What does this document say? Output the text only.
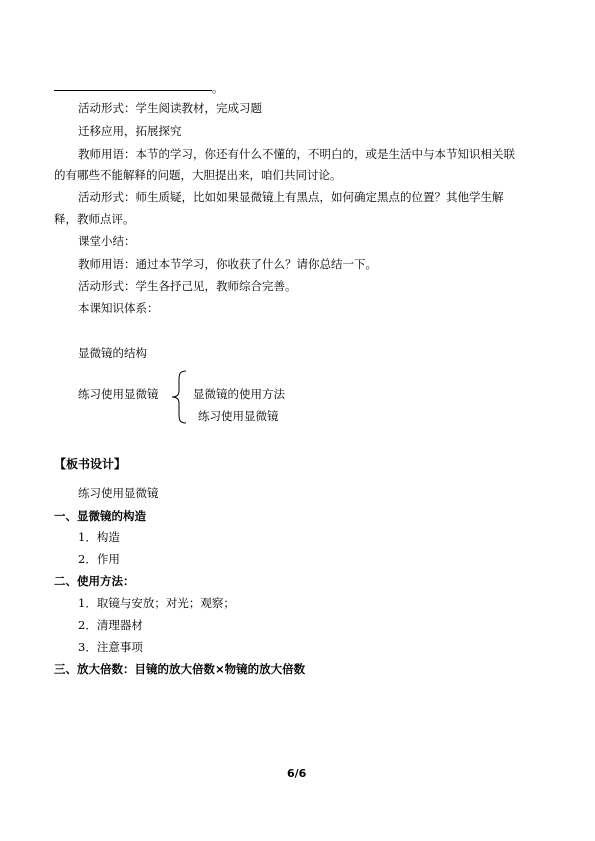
。
活动形式：学生阅读教材，完成习题
迁移应用，拓展探究
教师用语：本节的学习，你还有什么不懂的，不明白的，或是生活中与本节知识相关联
的有哪些不能解释的问题，大胆提出来，咱们共同讨论。
活动形式：师生质疑，比如如果显微镜上有黑点，如何确定黑点的位置？其他学生解
释，教师点评。
课堂小结：
教师用语：通过本节学习，你收获了什么？请你总结一下。
活动形式：学生各抒己见，教师综合完善。
本课知识体系：
显微镜的结构
练习使用显微镜	显微镜的使用方法
练习使用显微镜
【板书设计】
练习使用显微镜
一、显微镜的构造
1．构造
2．作用
二、使用方法：
1．取镜与安放；对光；观察；
2．清理器材
3．注意事项
三、放大倍数：目镜的放大倍数×物镜的放大倍数
6/6
